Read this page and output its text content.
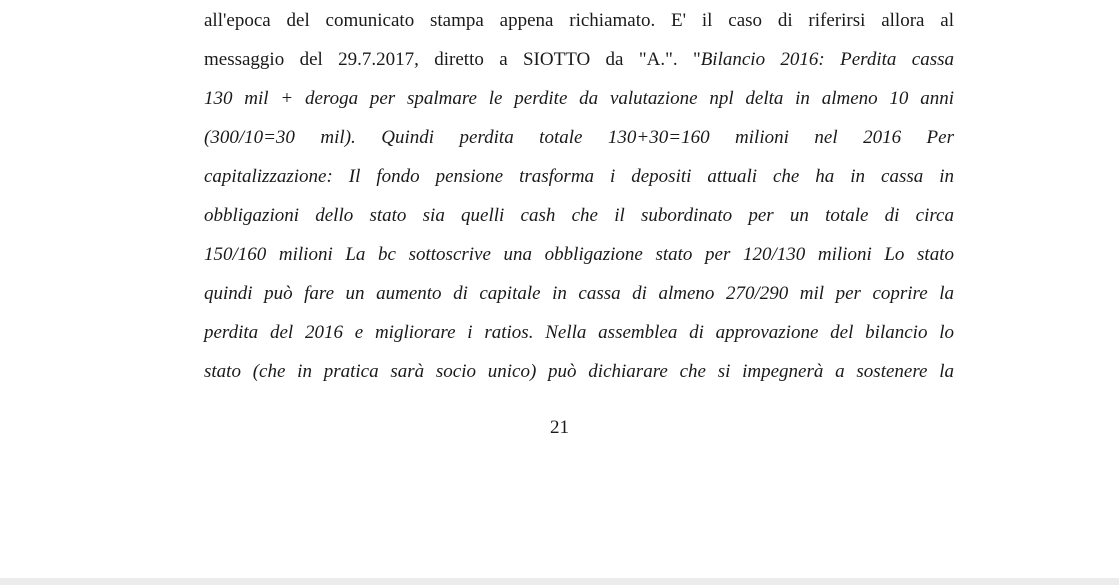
all'epoca del comunicato stampa appena richiamato. E' il caso di riferirsi allora al
messaggio del 29.7.2017, diretto a SIOTTO da "A.". "Bilancio 2016: Perdita cassa
130 mil + deroga per spalmare le perdite da valutazione npl delta in almeno 10 anni
(300/10=30 mil). Quindi perdita totale 130+30=160 milioni nel 2016 Per
capitalizzazione: Il fondo pensione trasforma i depositi attuali che ha in cassa in
obbligazioni dello stato sia quelli cash che il subordinato per un totale di circa
150/160 milioni La bc sottoscrive una obbligazione stato per 120/130 milioni Lo stato
quindi può fare un aumento di capitale in cassa di almeno 270/290 mil per coprire la
perdita del 2016 e migliorare i ratios. Nella assemblea di approvazione del bilancio lo
stato (che in pratica sarà socio unico) può dichiarare che si impegnerà a sostenere la
21
